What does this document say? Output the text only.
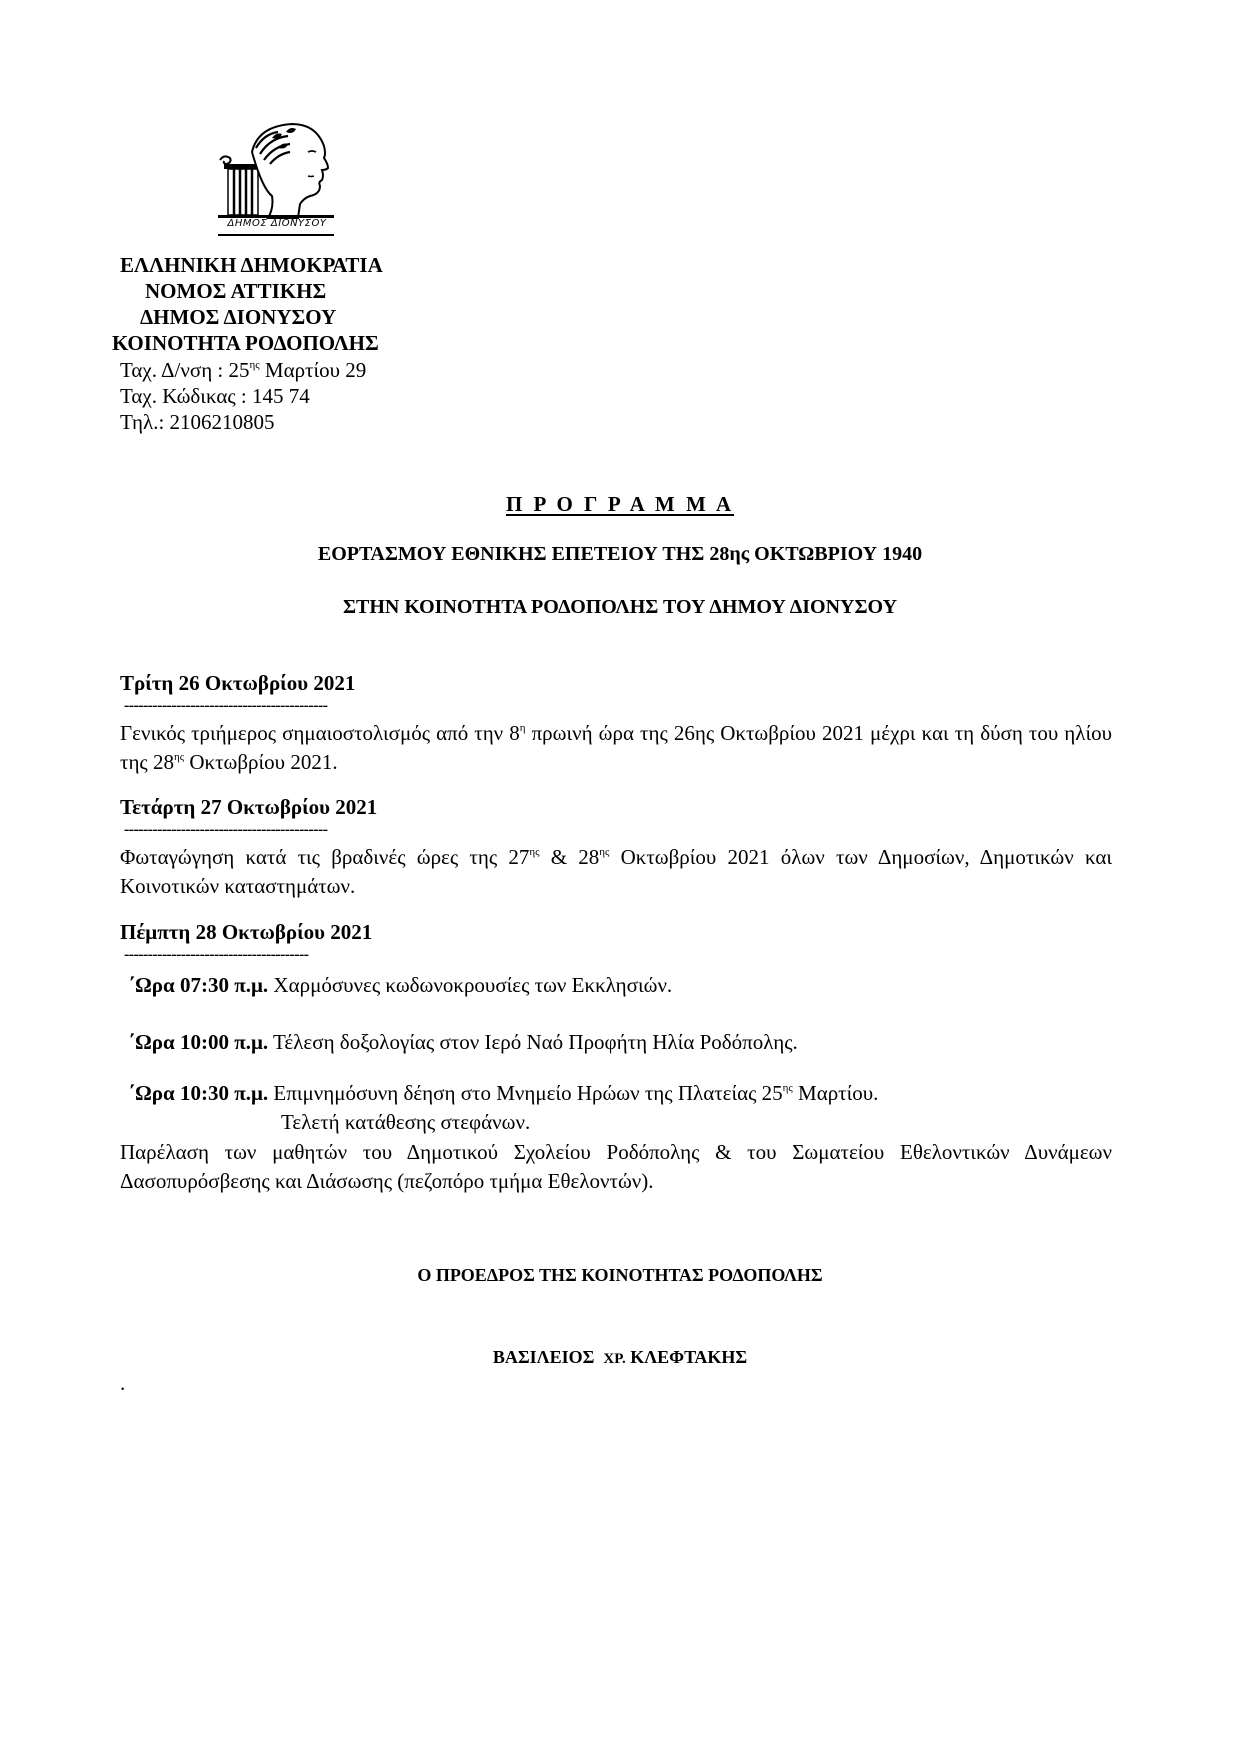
ΔΗΜΟΣ ΔΙΟΝΥΣΟΥ
ΕΛΛΗΝΙΚΗ ΔΗΜΟΚΡΑΤΙΑ
ΝΟΜΟΣ ΑΤΤΙΚΗΣ
ΔΗΜΟΣ ΔΙΟΝΥΣΟΥ
ΚΟΙΝΟΤΗΤΑ ΡΟΔΟΠΟΛΗΣ
Ταχ. Δ/νση : $25^{\eta\varsigma}$ Μαρτίου 29
Ταχ. Κώδικας : 145 74
Τηλ.: 2106210805
Π Ρ Ο Γ Ρ Α Μ Μ Α
ΕΟΡΤΑΣΜΟΥ ΕΘΝΙΚΗΣ ΕΠΕΤΕΙΟΥ ΤΗΣ 28ης ΟΚΤΩΒΡΙΟΥ 1940
ΣΤΗΝ ΚΟΙΝΟΤΗΤΑ ΡΟΔΟΠΟΛΗΣ ΤΟΥ ΔΗΜΟΥ ΔΙΟΝΥΣΟΥ
Τρίτη 26 Οκτωβρίου 2021
-------------------------------------------
Γενικός τριήμερος σημαιοστολισμός από την $8^\eta$ πρωινή ώρα της 26ης Οκτωβρίου 2021 μέχρι και τη δύση του ηλίου της $28^{\eta\varsigma}$ Οκτωβρίου 2021.
Τετάρτη 27 Οκτωβρίου 2021
-------------------------------------------
Φωταγώγηση κατά τις βραδινές ώρες της $27^{\eta\varsigma}$ & $28^{\eta\varsigma}$ Οκτωβρίου 2021 όλων των Δημοσίων, Δημοτικών και Κοινοτικών καταστημάτων.
Πέμπτη 28 Οκτωβρίου 2021
---------------------------------------
΄Ωρα 07:30 π.μ. Χαρμόσυνες κωδωνοκρουσίες των Εκκλησιών.
΄Ωρα 10:00 π.μ. Τέλεση δοξολογίας στον Ιερό Ναό Προφήτη Ηλία Ροδόπολης.
΄Ωρα 10:30 π.μ. Επιμνημόσυνη δέηση στο Μνημείο Ηρώων της Πλατείας $25^{\eta\varsigma}$ Μαρτίου.
Τελετή κατάθεσης στεφάνων.
Παρέλαση των μαθητών του Δημοτικού Σχολείου Ροδόπολης & του Σωματείου Εθελοντικών Δυνάμεων Δασοπυρόσβεσης και Διάσωσης (πεζοπόρο τμήμα Εθελοντών).
Ο ΠΡΟΕΔΡΟΣ ΤΗΣ ΚΟΙΝΟΤΗΤΑΣ ΡΟΔΟΠΟΛΗΣ
ΒΑΣΙΛΕΙΟΣ ΧΡ. ΚΛΕΦΤΑΚΗΣ
.
